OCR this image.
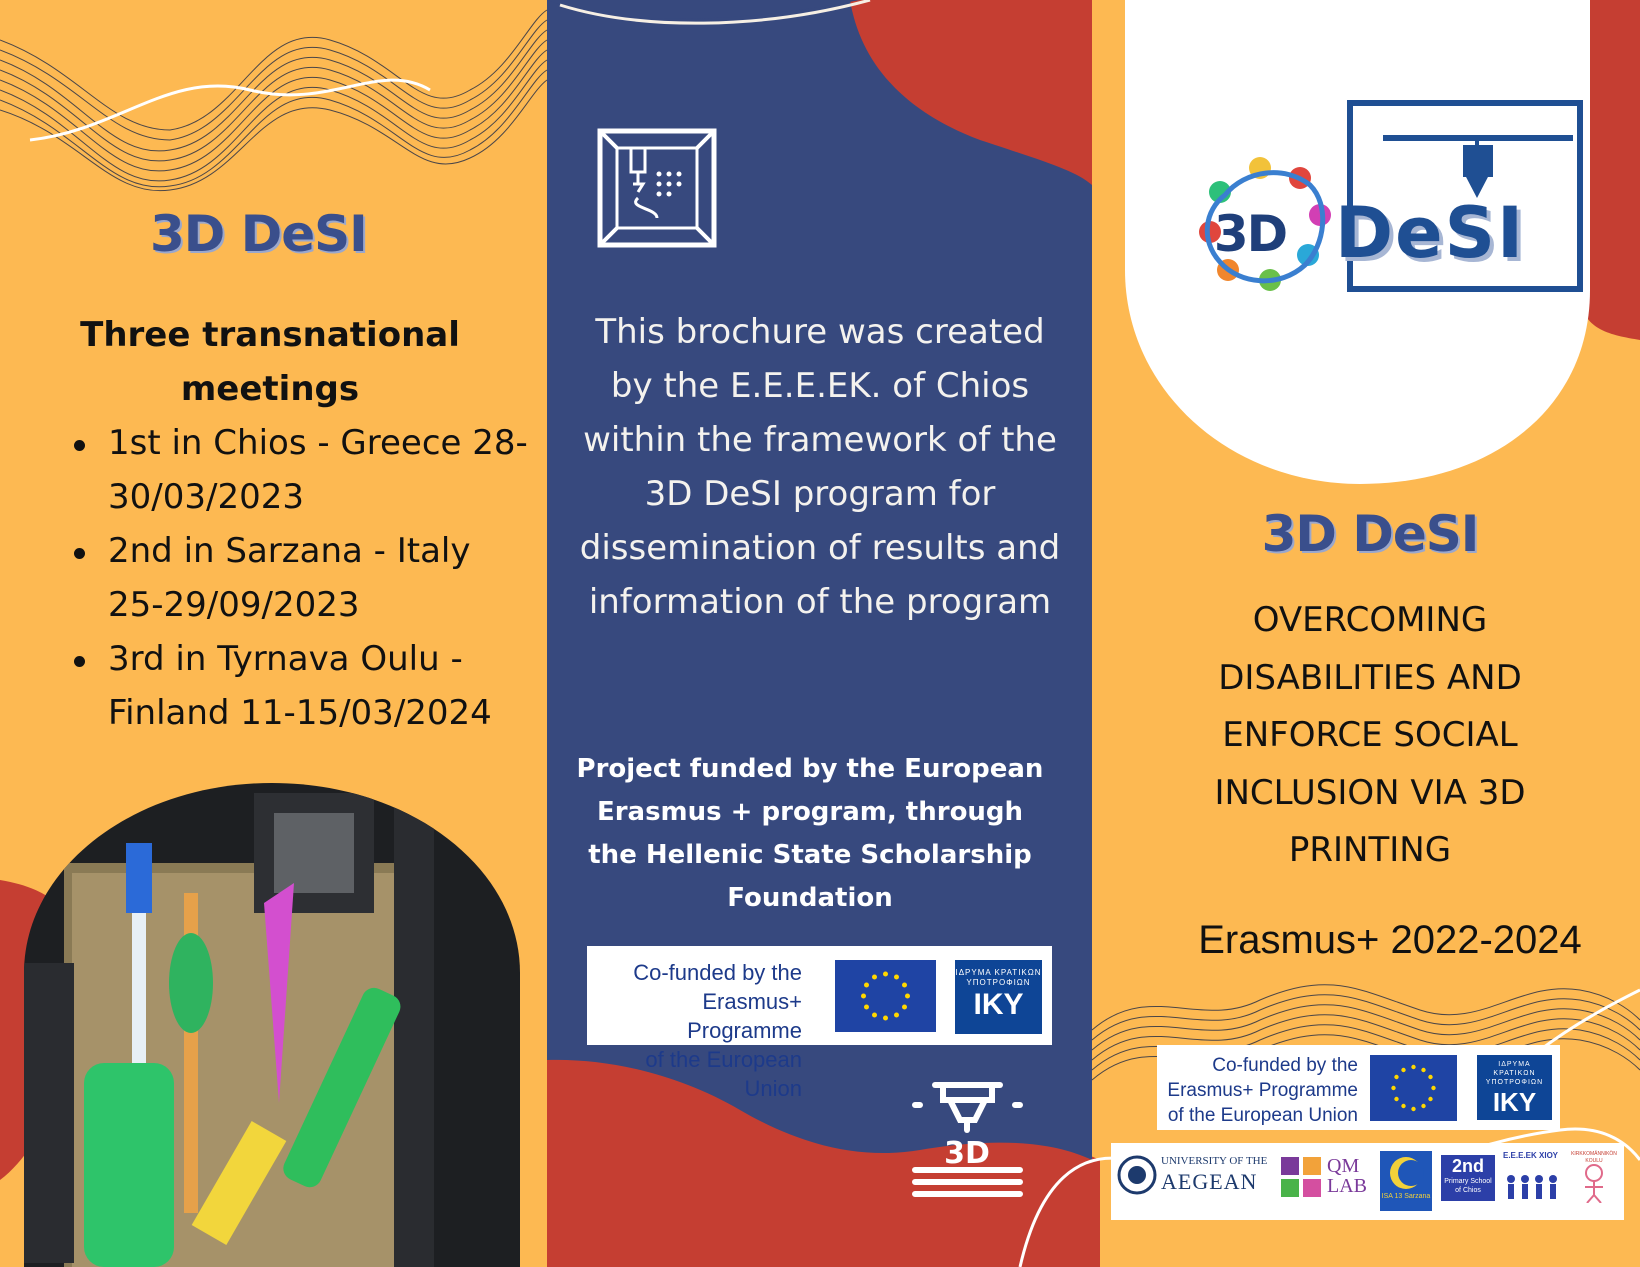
3D DeSI
Three transnational meetings
1st in Chios - Greece 28-30/03/2023
2nd in Sarzana - Italy 25-29/09/2023
3rd in Tyrnava Oulu - Finland 11-15/03/2024
This brochure was created by the E.E.E.EK. of Chios within the framework of the 3D DeSI program for dissemination of results and information of the program
Project funded by the European Erasmus + program, through the Hellenic State Scholarship Foundation
Co-funded by the
Erasmus+ Programme
of the European Union
ΙΔΡΥΜΑ ΚΡΑΤΙΚΩΝ ΥΠΟΤΡΟΦΙΩΝ
IKY
3D
3D DeSI
3D DeSI
OVERCOMING DISABILITIES AND ENFORCE SOCIAL INCLUSION VIA 3D PRINTING
Erasmus+ 2022-2024
Co-funded by the
Erasmus+ Programme
of the European Union
ΙΔΡΥΜΑ ΚΡΑΤΙΚΩΝ ΥΠΟΤΡΟΦΙΩΝ
IKY
UNIVERSITY OF THE
AEGEAN
QM
LAB ISA 13 Sarzana
2nd
Primary School of Chios
Ε.Ε.Ε.ΕΚ ΧΙΟΥ	KIRKKOMÄNNIKÖN KOULU
